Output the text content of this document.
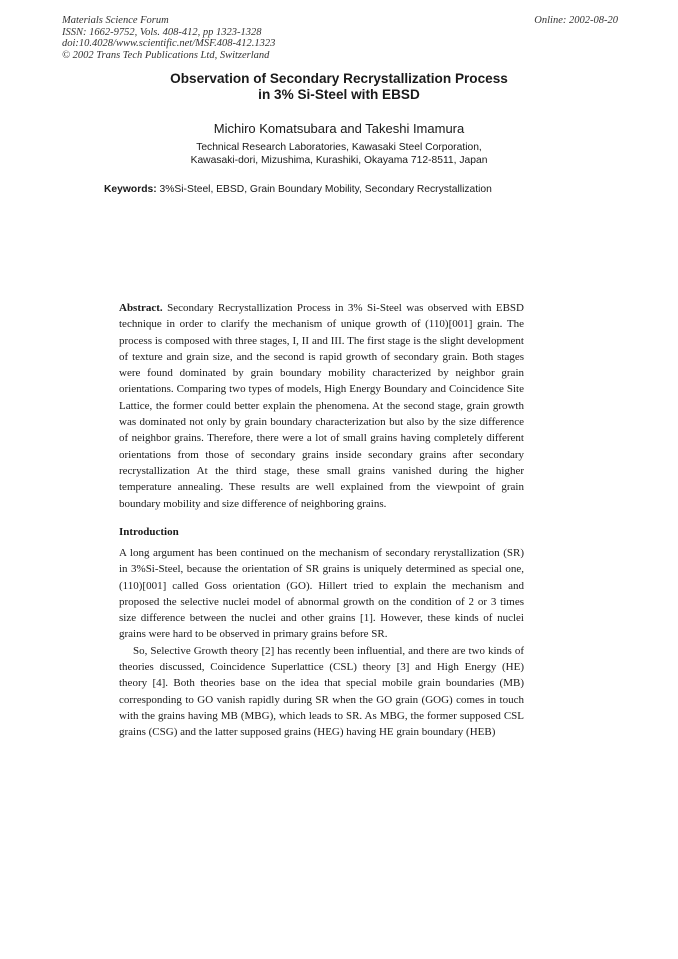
Materials Science Forum
ISSN: 1662-9752, Vols. 408-412, pp 1323-1328
doi:10.4028/www.scientific.net/MSF.408-412.1323
© 2002 Trans Tech Publications Ltd, Switzerland
Online: 2002-08-20
Observation of Secondary Recrystallization Process
in 3% Si-Steel with EBSD
Michiro Komatsubara and Takeshi Imamura
Technical Research Laboratories, Kawasaki Steel Corporation,
Kawasaki-dori, Mizushima, Kurashiki, Okayama 712-8511, Japan
Keywords: 3%Si-Steel, EBSD, Grain Boundary Mobility, Secondary Recrystallization
Abstract. Secondary Recrystallization Process in 3% Si-Steel was observed with EBSD technique in order to clarify the mechanism of unique growth of (110)[001] grain. The process is composed with three stages, I, II and III. The first stage is the slight development of texture and grain size, and the second is rapid growth of secondary grain. Both stages were found dominated by grain boundary mobility characterized by neighbor grain orientations. Comparing two types of models, High Energy Boundary and Coincidence Site Lattice, the former could better explain the phenomena. At the second stage, grain growth was dominated not only by grain boundary characterization but also by the size difference of neighbor grains. Therefore, there were a lot of small grains having completely different orientations from those of secondary grains inside secondary grains after secondary recrystallization At the third stage, these small grains vanished during the higher temperature annealing. These results are well explained from the viewpoint of grain boundary mobility and size difference of neighboring grains.
Introduction

A long argument has been continued on the mechanism of secondary rerystallization (SR) in 3%Si-Steel, because the orientation of SR grains is uniquely determined as special one, (110)[001] called Goss orientation (GO). Hillert tried to explain the mechanism and proposed the selective nuclei model of abnormal growth on the condition of 2 or 3 times size difference between the nuclei and other grains [1]. However, these kinds of nuclei grains were hard to be observed in primary grains before SR.

So, Selective Growth theory [2] has recently been influential, and there are two kinds of theories discussed, Coincidence Superlattice (CSL) theory [3] and High Energy (HE) theory [4]. Both theories base on the idea that special mobile grain boundaries (MB) corresponding to GO vanish rapidly during SR when the GO grain (GOG) comes in touch with the grains having MB (MBG), which leads to SR. As MBG, the former supposed CSL grains (CSG) and the latter supposed grains (HEG) having HE grain boundary (HEB)
